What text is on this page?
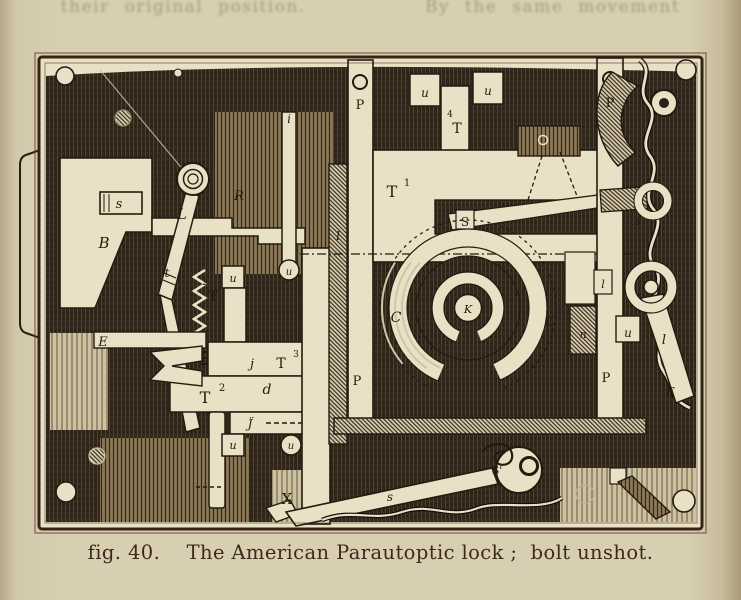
their original position.        By the same movement
s
B
L
t
R
i
P	P
u	u
4
T
T 1
S
u	u
2
T
l
C	C
K
j T
3
T 2	d
J̈
u	u
P	P
E
X	s
S'
u
n
l
s
l
F
fig. 40.    The American Parautoptic lock ;  bolt unshot.
